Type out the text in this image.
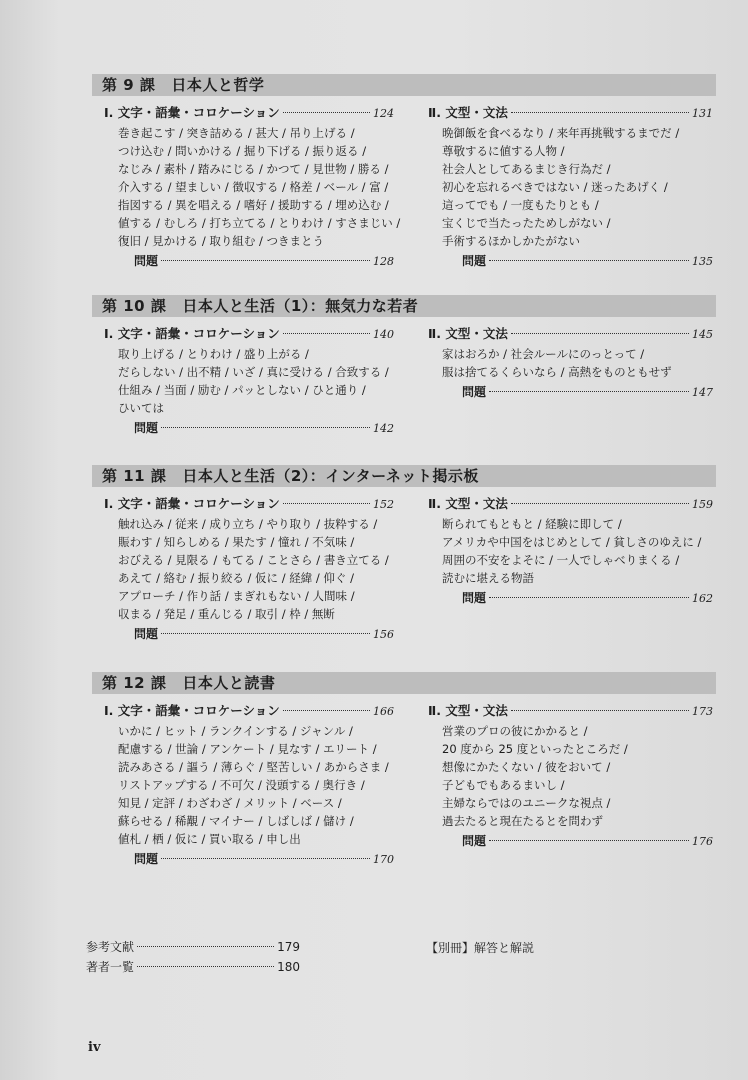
第 9 課 日本人と哲学
Ⅰ. 文字・語彙・コロケーション	124
巻き起こす / 突き詰める / 甚大 / 吊り上げる /
つけ込む / 問いかける / 掘り下げる / 振り返る /
なじみ / 素朴 / 踏みにじる / かつて / 見世物 / 勝る /
介入する / 望ましい / 徴収する / 格差 / ベール / 富 /
指図する / 異を唱える / 嗜好 / 援助する / 埋め込む /
値する / むしろ / 打ち立てる / とりわけ / すさまじい /
復旧 / 見かける / 取り組む / つきまとう
問題	128
Ⅱ. 文型・文法	131
晩御飯を食べるなり / 来年再挑戦するまでだ /
尊敬するに値する人物 /
社会人としてあるまじき行為だ /
初心を忘れるべきではない / 迷ったあげく /
這ってでも / 一度もたりとも /
宝くじで当たったためしがない /
手術するほかしかたがない
問題	135
第 10 課 日本人と生活（1）：無気力な若者
Ⅰ. 文字・語彙・コロケーション	140
取り上げる / とりわけ / 盛り上がる /
だらしない / 出不精 / いざ / 真に受ける / 合致する /
仕組み / 当面 / 励む / パッとしない / ひと通り /
ひいては
問題	142
Ⅱ. 文型・文法	145
家はおろか / 社会ルールにのっとって /
服は捨てるくらいなら / 高熱をものともせず
問題	147
第 11 課 日本人と生活（2）：インターネット掲示板
Ⅰ. 文字・語彙・コロケーション	152
触れ込み / 従来 / 成り立ち / やり取り / 抜粋する /
賑わす / 知らしめる / 果たす / 憧れ / 不気味 /
おびえる / 見限る / もてる / ことさら / 書き立てる /
あえて / 絡む / 振り絞る / 仮に / 経緯 / 仰ぐ /
アプローチ / 作り話 / まぎれもない / 人間味 /
収まる / 発足 / 重んじる / 取引 / 枠 / 無断
問題	156
Ⅱ. 文型・文法	159
断られてもともと / 経験に即して /
アメリカや中国をはじめとして / 貧しさのゆえに /
周囲の不安をよそに / 一人でしゃべりまくる /
読むに堪える物語
問題	162
第 12 課 日本人と読書
Ⅰ. 文字・語彙・コロケーション	166
いかに / ヒット / ランクインする / ジャンル /
配慮する / 世論 / アンケート / 見なす / エリート /
読みあさる / 謳う / 薄らぐ / 堅苦しい / あからさま /
リストアップする / 不可欠 / 没頭する / 奥行き /
知見 / 定評 / わざわざ / メリット / ベース /
蘇らせる / 稀覯 / マイナー / しばしば / 儲け /
値札 / 栖 / 仮に / 買い取る / 申し出
問題	170
Ⅱ. 文型・文法	173
営業のプロの彼にかかると /
20 度から 25 度といったところだ /
想像にかたくない / 彼をおいて /
子どもでもあるまいし /
主婦ならではのユニークな視点 /
過去たると現在たるとを問わず
問題	176
参考文献	179
著者一覧	180
【別冊】解答と解説
iv
